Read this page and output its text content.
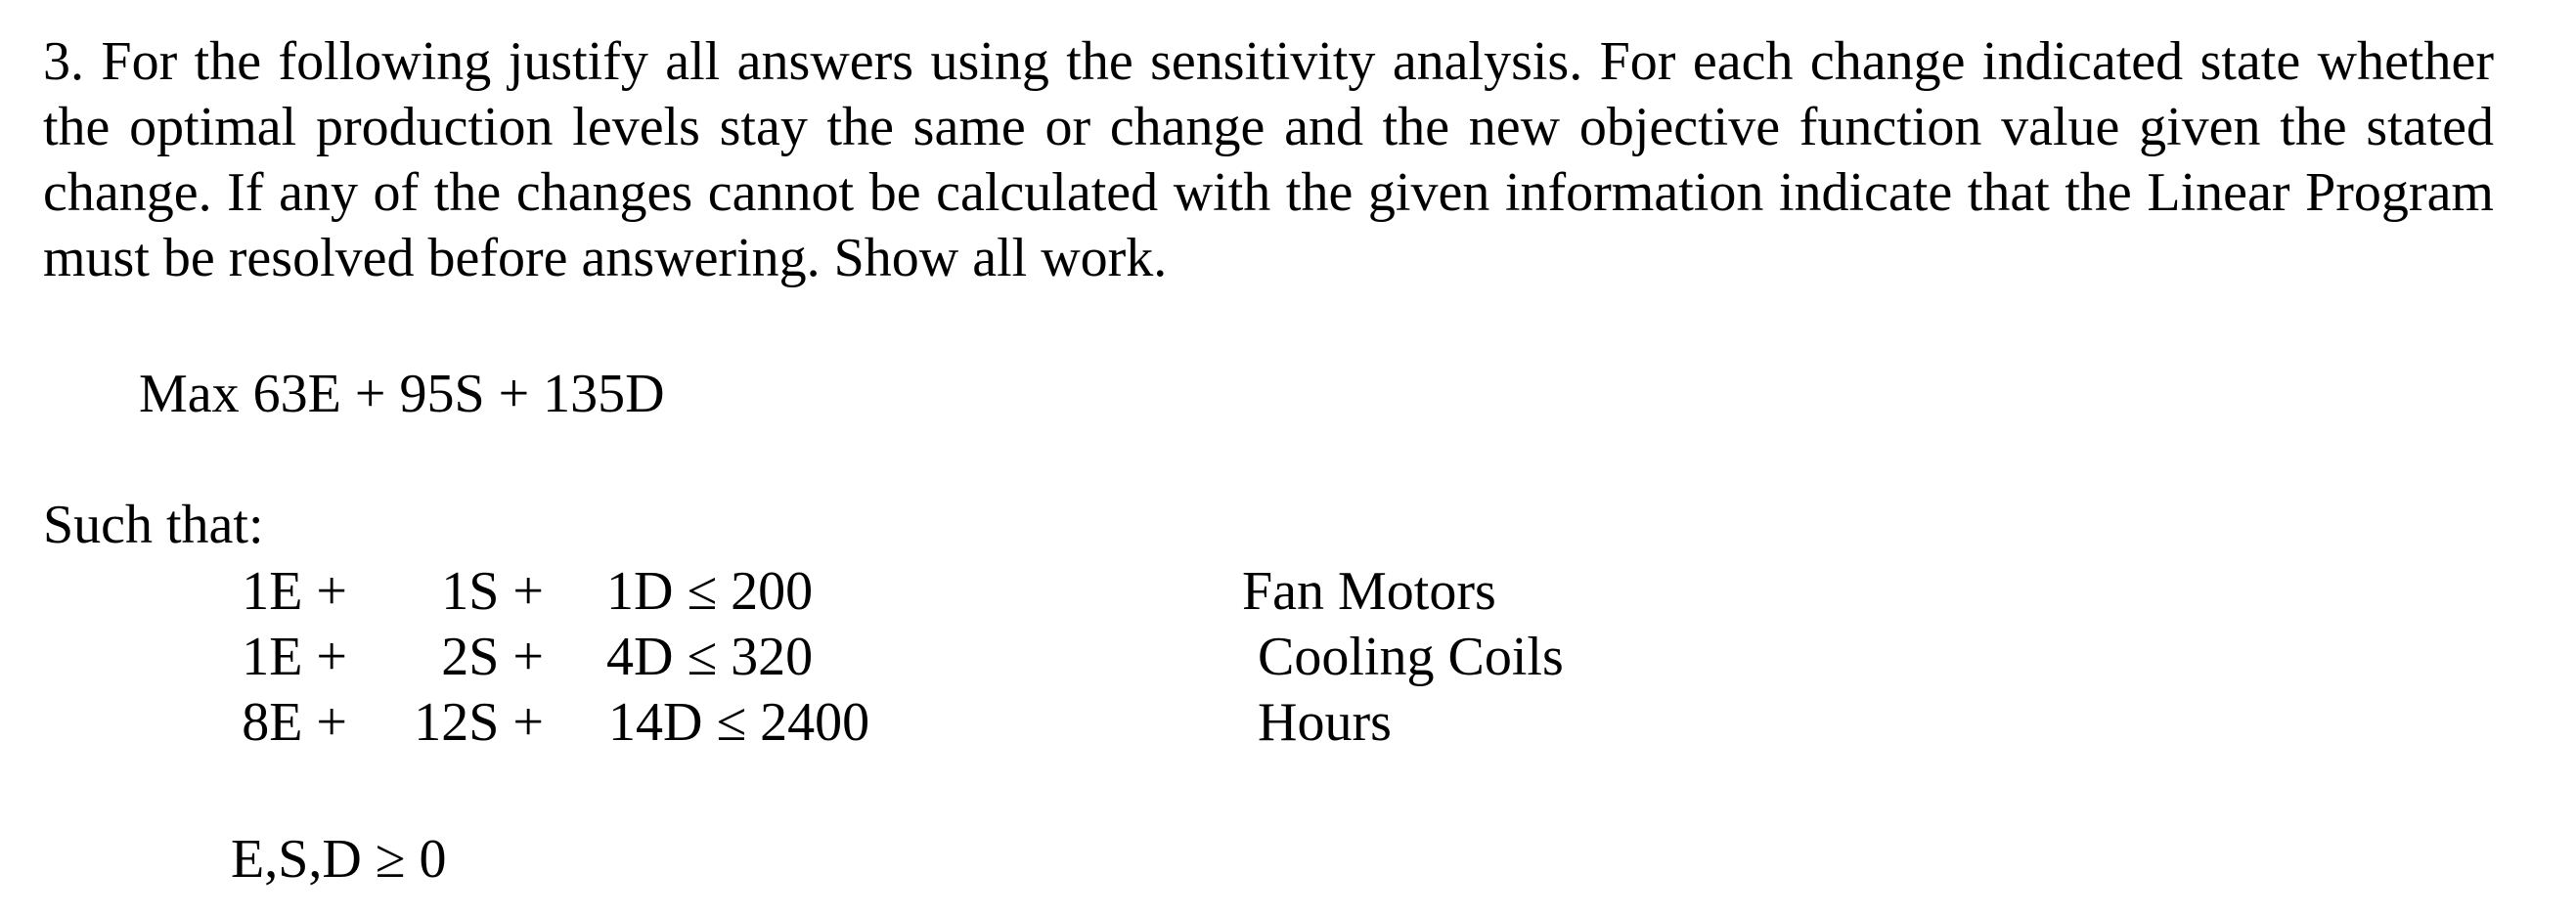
3. For the following justify all answers using the sensitivity analysis. For each change indicated state whether the optimal production levels stay the same or change and the new objective function value given the stated change. If any of the changes cannot be calculated with the given information indicate that the Linear Program must be resolved before answering. Show all work.

Max 63E + 95S + 135D
Such that:
1E + 1S + 1D ≤ 200	Fan Motors
1E + 2S + 4D ≤ 320	Cooling Coils
8E + 12S + 14D ≤ 2400	Hours
E,S,D ≥ 0
